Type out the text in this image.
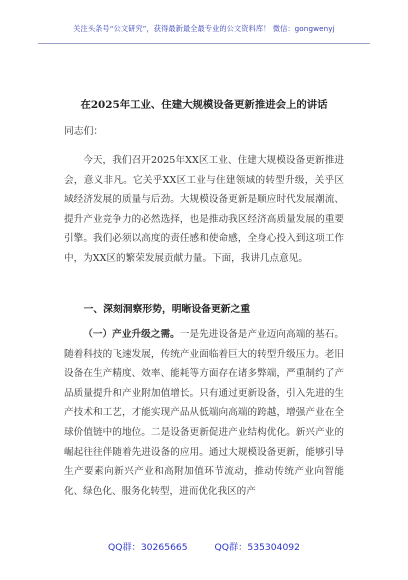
关注头条号“公文研究”，获得最新最全最专业的公文资料库！ 微信：gongwenyj
在2025年工业、住建大规模设备更新推进会上的讲话
同志们：
今天，我们召开2025年XX区工业、住建大规模设备更新推进会，意义非凡。它关乎XX区工业与住建领域的转型升级，关乎区域经济发展的质量与后劲。大规模设备更新是顺应时代发展潮流、提升产业竞争力的必然选择，也是推动我区经济高质量发展的重要引擎。我们必须以高度的责任感和使命感，全身心投入到这项工作中，为XX区的繁荣发展贡献力量。下面，我讲几点意见。
一、深刻洞察形势，明晰设备更新之重
（一）产业升级之需。一是先进设备是产业迈向高端的基石。随着科技的飞速发展，传统产业面临着巨大的转型升级压力。老旧设备在生产精度、效率、能耗等方面存在诸多弊端，严重制约了产品质量提升和产业附加值增长。只有通过更新设备，引入先进的生产技术和工艺，才能实现产品从低端向高端的跨越，增强产业在全球价值链中的地位。二是设备更新促进产业结构优化。新兴产业的崛起往往伴随着先进设备的应用。通过大规模设备更新，能够引导生产要素向新兴产业和高附加值环节流动，推动传统产业向智能化、绿色化、服务化转型，进而优化我区的产
QQ群：30265665	QQ群：535304092
